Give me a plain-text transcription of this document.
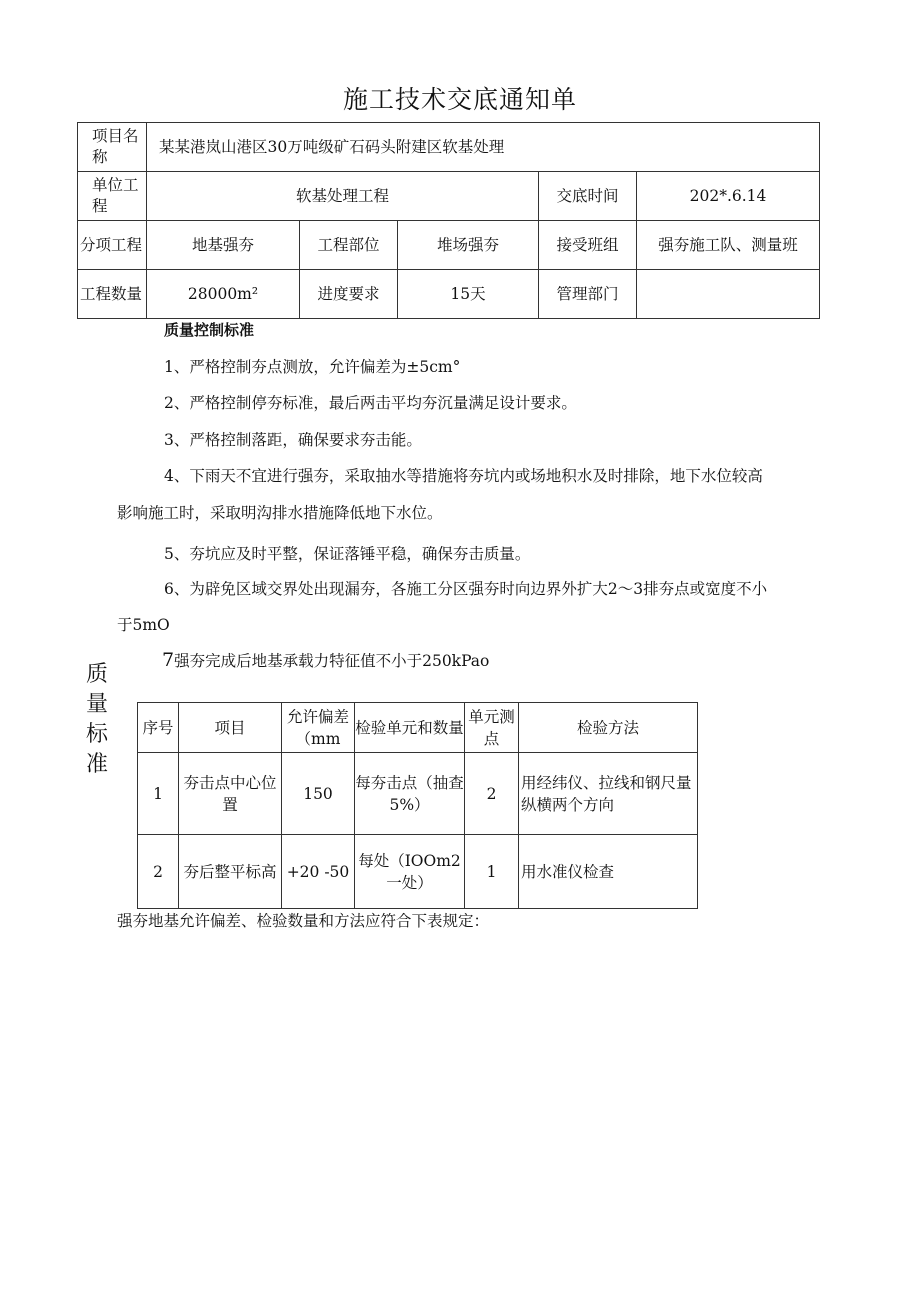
施工技术交底通知单
项目名称	某某港岚山港区30万吨级矿石码头附建区软基处理				
单位工程	软基处理工程			交底时间	202*.6.14
分项工程	地基强夯	工程部位	堆场强夯	接受班组	强夯施工队、测量班
工程数量	28000m²	进度要求	15天	管理部门	
质量控制标准
1、严格控制夯点测放，允许偏差为±5cm°
2、严格控制停夯标准，最后两击平均夯沉量满足设计要求。
3、严格控制落距，确保要求夯击能。
4、下雨天不宜进行强夯，采取抽水等措施将夯坑内或场地积水及时排除，地下水位较高
影响施工时，采取明沟排水措施降低地下水位。
5、夯坑应及时平整，保证落锤平稳，确保夯击质量。
6、为辟免区域交界处出现漏夯，各施工分区强夯时向边界外扩大2～3排夯点或宽度不小
于5mO
7强夯完成后地基承载力特征值不小于250kPao
质量标准
序号	项目	允许偏差（mm	检验单元和数量	单元测点	检验方法
1	夯击点中心位置	150	每夯击点（抽查5%）	2	用经纬仪、拉线和钢尺量纵横两个方向
2	夯后整平标高	+20 -50	每处（IOOm2一处）	1	用水准仪检查
强夯地基允许偏差、检验数量和方法应符合下表规定：
